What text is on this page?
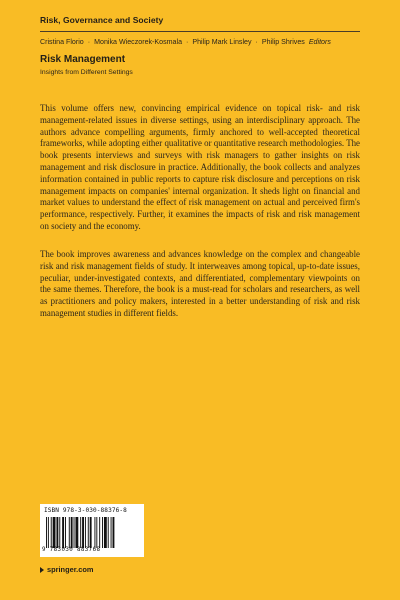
Risk, Governance and Society
Cristina Florio · Monika Wieczorek-Kosmala · Philip Mark Linsley · Philip Shrives Editors
Risk Management
Insights from Different Settings

This volume offers new, convincing empirical evidence on topical risk- and risk management-related issues in diverse settings, using an interdisciplinary approach. The authors advance compelling arguments, firmly anchored to well-accepted theoretical frameworks, while adopting either qualitative or quantitative research methodologies. The book presents interviews and surveys with risk managers to gather insights on risk management and risk disclosure in practice. Additionally, the book collects and analyzes information contained in public reports to capture risk disclosure and perceptions on risk management impacts on companies' internal organization. It sheds light on financial and market values to understand the effect of risk management on actual and perceived firm's performance, respectively. Further, it examines the impacts of risk and risk management on society and the economy.

The book improves awareness and advances knowledge on the complex and changeable risk and risk management fields of study. It interweaves among topical, up-to-date issues, peculiar, under-investigated contexts, and differentiated, complementary viewpoints on the same themes. Therefore, the book is a must-read for scholars and researchers, as well as practitioners and policy makers, interested in a better understanding of risk and risk management studies in different fields.

ISBN 978-3-030-88376-8
9 783030 883768
springer.com
